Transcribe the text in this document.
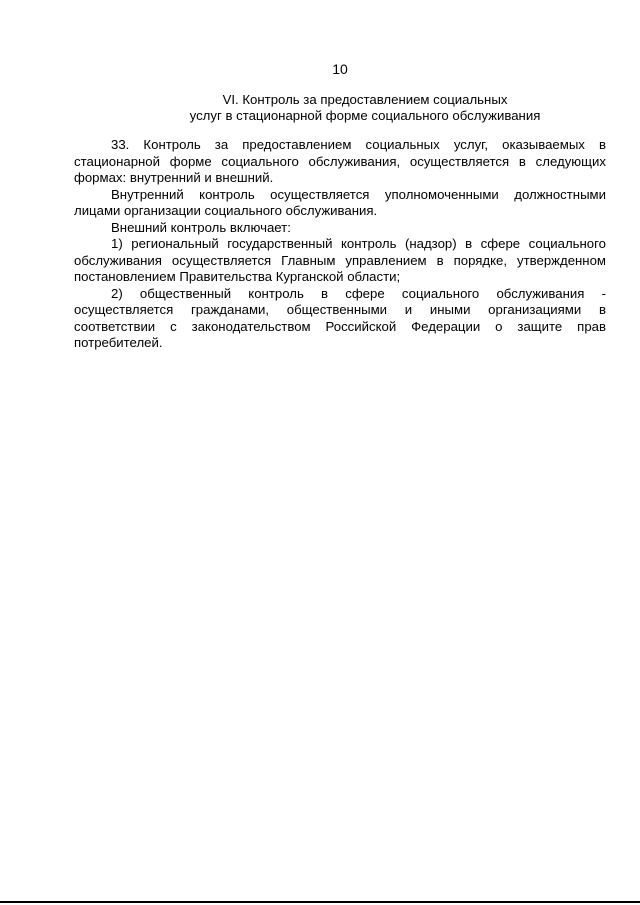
10
VI. Контроль за предоставлением социальных
услуг в стационарной форме социального обслуживания

33. Контроль за предоставлением социальных услуг, оказываемых в стационарной форме социального обслуживания, осуществляется в следующих формах: внутренний и внешний.

Внутренний контроль осуществляется уполномоченными должностными лицами организации социального обслуживания.

Внешний контроль включает:

1) региональный государственный контроль (надзор) в сфере социального обслуживания осуществляется Главным управлением в порядке, утвержденном постановлением Правительства Курганской области;

2) общественный контроль в сфере социального обслуживания - осуществляется гражданами, общественными и иными организациями в соответствии с законодательством Российской Федерации о защите прав потребителей.
